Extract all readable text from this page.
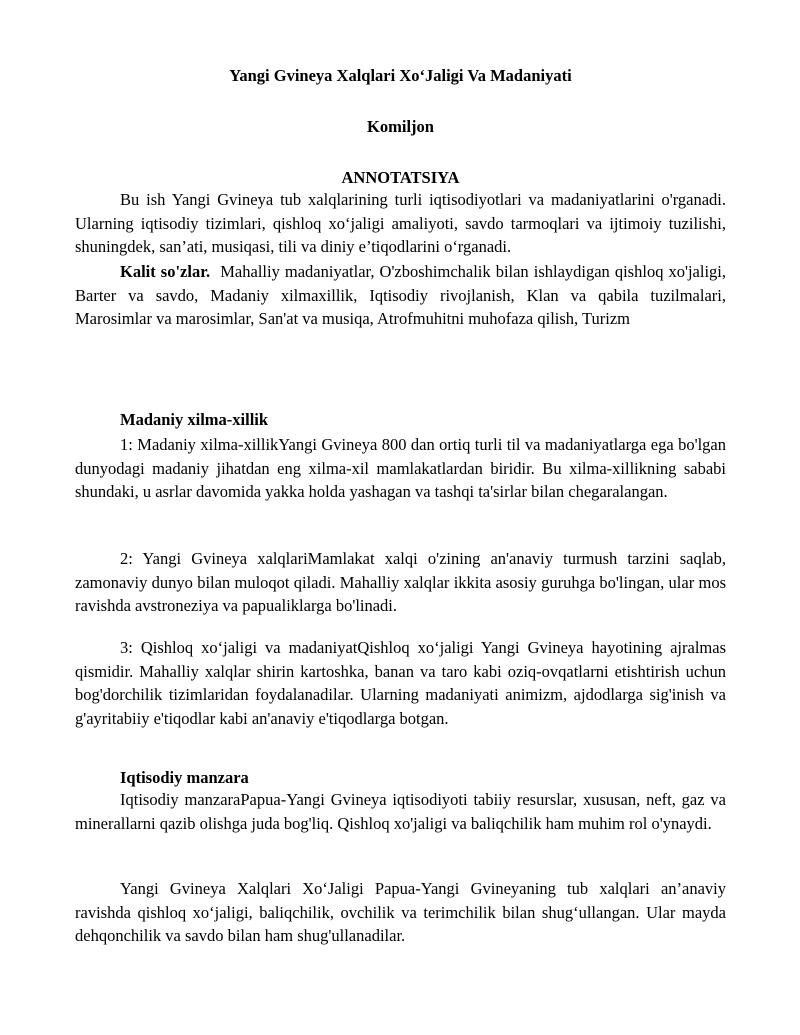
Yangi Gvineya Xalqlari Xo‘Jaligi Va Madaniyati
Komiljon
ANNOTATSIYA

Bu ish Yangi Gvineya tub xalqlarining turli iqtisodiyotlari va madaniyatlarini o'rganadi. Ularning iqtisodiy tizimlari, qishloq xo‘jaligi amaliyoti, savdo tarmoqlari va ijtimoiy tuzilishi, shuningdek, san’ati, musiqasi, tili va diniy e’tiqodlarini o‘rganadi.

Kalit so'zlar. Mahalliy madaniyatlar, O'zboshimchalik bilan ishlaydigan qishloq xo'jaligi, Barter va savdo, Madaniy xilmaxillik, Iqtisodiy rivojlanish, Klan va qabila tuzilmalari, Marosimlar va marosimlar, San'at va musiqa, Atrofmuhitni muhofaza qilish, Turizm

Madaniy xilma-xillik

1: Madaniy xilma-xillikYangi Gvineya 800 dan ortiq turli til va madaniyatlarga ega bo'lgan dunyodagi madaniy jihatdan eng xilma-xil mamlakatlardan biridir. Bu xilma-xillikning sababi shundaki, u asrlar davomida yakka holda yashagan va tashqi ta'sirlar bilan chegaralangan.

2: Yangi Gvineya xalqlariMamlakat xalqi o'zining an'anaviy turmush tarzini saqlab, zamonaviy dunyo bilan muloqot qiladi. Mahalliy xalqlar ikkita asosiy guruhga bo'lingan, ular mos ravishda avstroneziya va papualiklarga bo'linadi.

3: Qishloq xo‘jaligi va madaniyatQishloq xo‘jaligi Yangi Gvineya hayotining ajralmas qismidir. Mahalliy xalqlar shirin kartoshka, banan va taro kabi oziq-ovqatlarni etishtirish uchun bog'dorchilik tizimlaridan foydalanadilar. Ularning madaniyati animizm, ajdodlarga sig'inish va g'ayritabiiy e'tiqodlar kabi an'anaviy e'tiqodlarga botgan.

Iqtisodiy manzara

Iqtisodiy manzaraPapua-Yangi Gvineya iqtisodiyoti tabiiy resurslar, xususan, neft, gaz va minerallarni qazib olishga juda bog'liq. Qishloq xo'jaligi va baliqchilik ham muhim rol o'ynaydi.

Yangi Gvineya Xalqlari Xo‘Jaligi Papua-Yangi Gvineyaning tub xalqlari an’anaviy ravishda qishloq xo‘jaligi, baliqchilik, ovchilik va terimchilik bilan shug‘ullangan. Ular mayda dehqonchilik va savdo bilan ham shug'ullanadilar.
